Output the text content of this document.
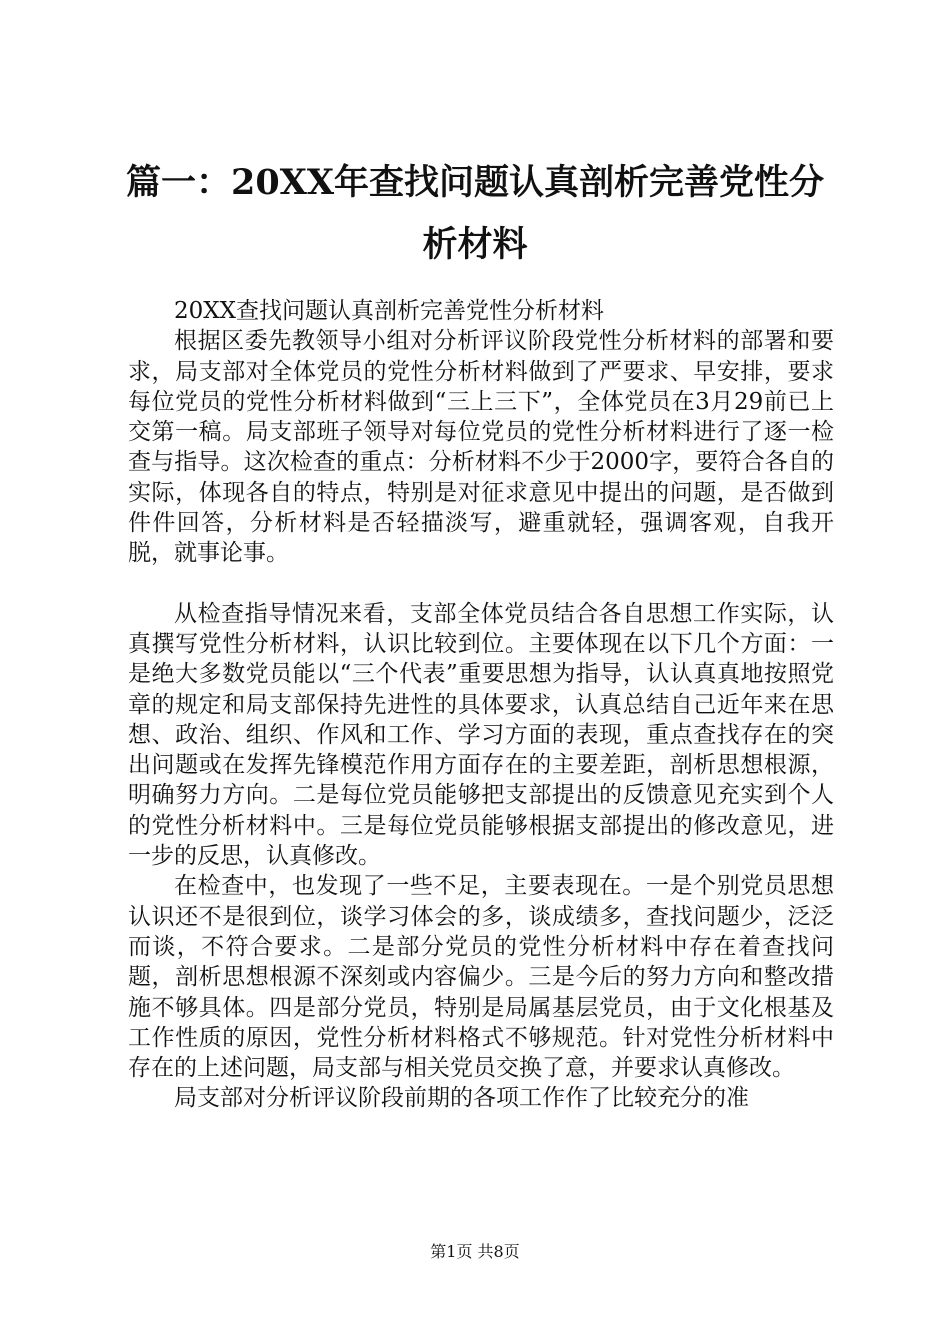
篇一：20XX年查找问题认真剖析完善党性分
析材料

20XX查找问题认真剖析完善党性分析材料

根据区委先教领导小组对分析评议阶段党性分析材料的部署和要求，局支部对全体党员的党性分析材料做到了严要求、早安排，要求每位党员的党性分析材料做到“三上三下”，全体党员在3月29前已上交第一稿。局支部班子领导对每位党员的党性分析材料进行了逐一检查与指导。这次检查的重点：分析材料不少于2000字，要符合各自的实际，体现各自的特点，特别是对征求意见中提出的问题，是否做到件件回答，分析材料是否轻描淡写，避重就轻，强调客观，自我开脱，就事论事。

从检查指导情况来看，支部全体党员结合各自思想工作实际，认真撰写党性分析材料，认识比较到位。主要体现在以下几个方面：一是绝大多数党员能以“三个代表”重要思想为指导，认认真真地按照党章的规定和局支部保持先进性的具体要求，认真总结自己近年来在思想、政治、组织、作风和工作、学习方面的表现，重点查找存在的突出问题或在发挥先锋模范作用方面存在的主要差距，剖析思想根源，明确努力方向。二是每位党员能够把支部提出的反馈意见充实到个人的党性分析材料中。三是每位党员能够根据支部提出的修改意见，进一步的反思，认真修改。

在检查中，也发现了一些不足，主要表现在。一是个别党员思想认识还不是很到位，谈学习体会的多，谈成绩多，查找问题少，泛泛而谈，不符合要求。二是部分党员的党性分析材料中存在着查找问题，剖析思想根源不深刻或内容偏少。三是今后的努力方向和整改措施不够具体。四是部分党员，特别是局属基层党员，由于文化根基及工作性质的原因，党性分析材料格式不够规范。针对党性分析材料中存在的上述问题，局支部与相关党员交换了意，并要求认真修改。

局支部对分析评议阶段前期的各项工作作了比较充分的准

第1页 共8页
